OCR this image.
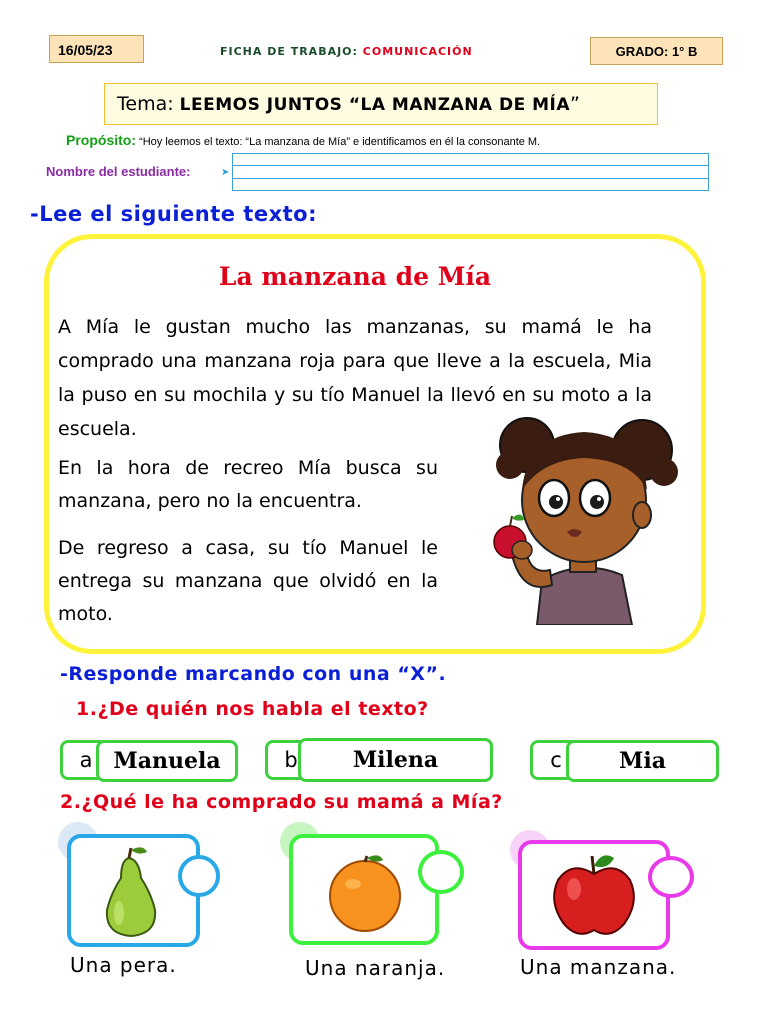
16/05/23	FICHA DE TRABAJO: COMUNICACIÓN	GRADO: 1° B
Tema: LEEMOS JUNTOS “LA MANZANA DE MÍA”
Propósito: “Hoy leemos el texto: “La manzana de Mía” e identificamos en él la consonante M.
Nombre del estudiante:	➤
-Lee el siguiente texto:
La manzana de Mía
A Mía le gustan mucho las manzanas, su mamá le ha comprado una manzana roja para que lleve a la escuela, Mia la puso en su mochila y su tío Manuel la llevó en su moto a la escuela.
En la hora de recreo Mía busca su manzana, pero no la encuentra.
De regreso a casa, su tío Manuel le entrega su manzana que olvidó en la moto.
-Responde marcando con una “X”.
1.¿De quién nos habla el texto?
a Manuela	b	Milena	c	Mia
2.¿Qué le ha comprado su mamá a Mía?
Una pera.	Una naranja.	Una manzana.
